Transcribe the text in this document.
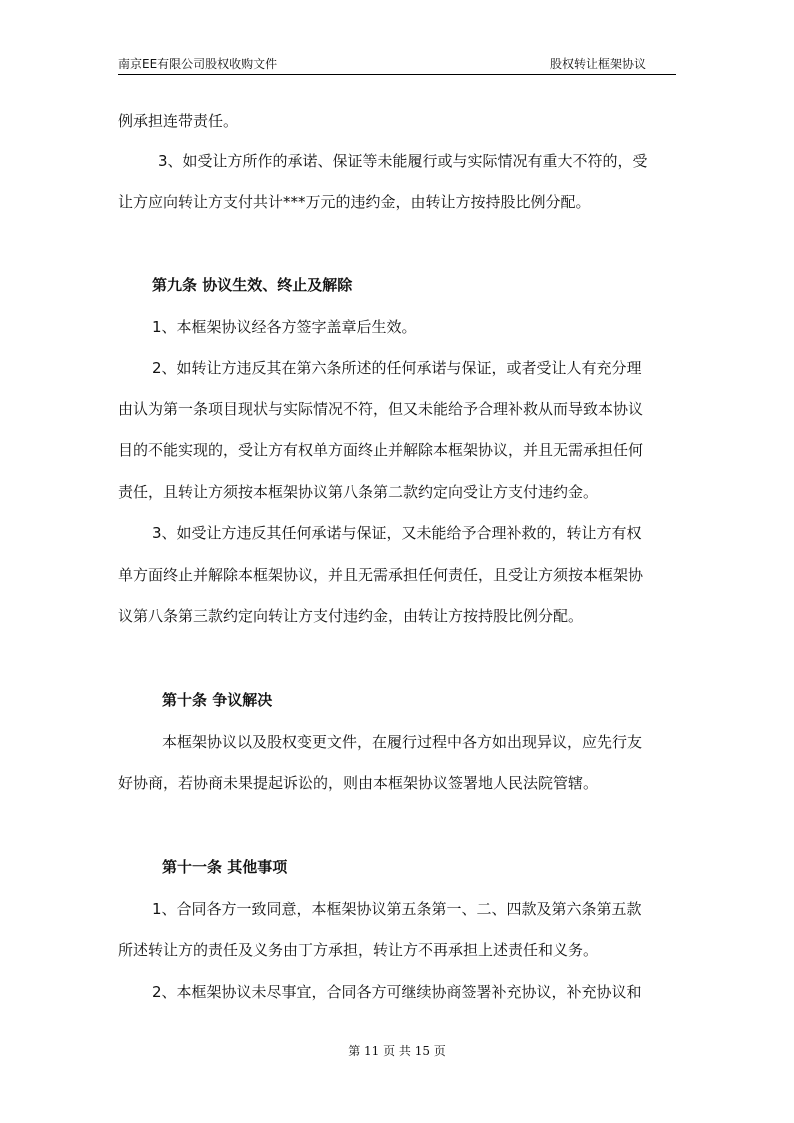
南京EE有限公司股权收购文件	股权转让框架协议
例承担连带责任。
3、如受让方所作的承诺、保证等未能履行或与实际情况有重大不符的，受
让方应向转让方支付共计***万元的违约金，由转让方按持股比例分配。
第九条 协议生效、终止及解除
1、本框架协议经各方签字盖章后生效。
2、如转让方违反其在第六条所述的任何承诺与保证，或者受让人有充分理
由认为第一条项目现状与实际情况不符，但又未能给予合理补救从而导致本协议
目的不能实现的，受让方有权单方面终止并解除本框架协议，并且无需承担任何
责任，且转让方须按本框架协议第八条第二款约定向受让方支付违约金。
3、如受让方违反其任何承诺与保证，又未能给予合理补救的，转让方有权
单方面终止并解除本框架协议，并且无需承担任何责任，且受让方须按本框架协
议第八条第三款约定向转让方支付违约金，由转让方按持股比例分配。
第十条 争议解决
本框架协议以及股权变更文件，在履行过程中各方如出现异议，应先行友
好协商，若协商未果提起诉讼的，则由本框架协议签署地人民法院管辖。
第十一条 其他事项
1、合同各方一致同意，本框架协议第五条第一、二、四款及第六条第五款
所述转让方的责任及义务由丁方承担，转让方不再承担上述责任和义务。
2、本框架协议未尽事宜，合同各方可继续协商签署补充协议，补充协议和
第 11 页 共 15 页
